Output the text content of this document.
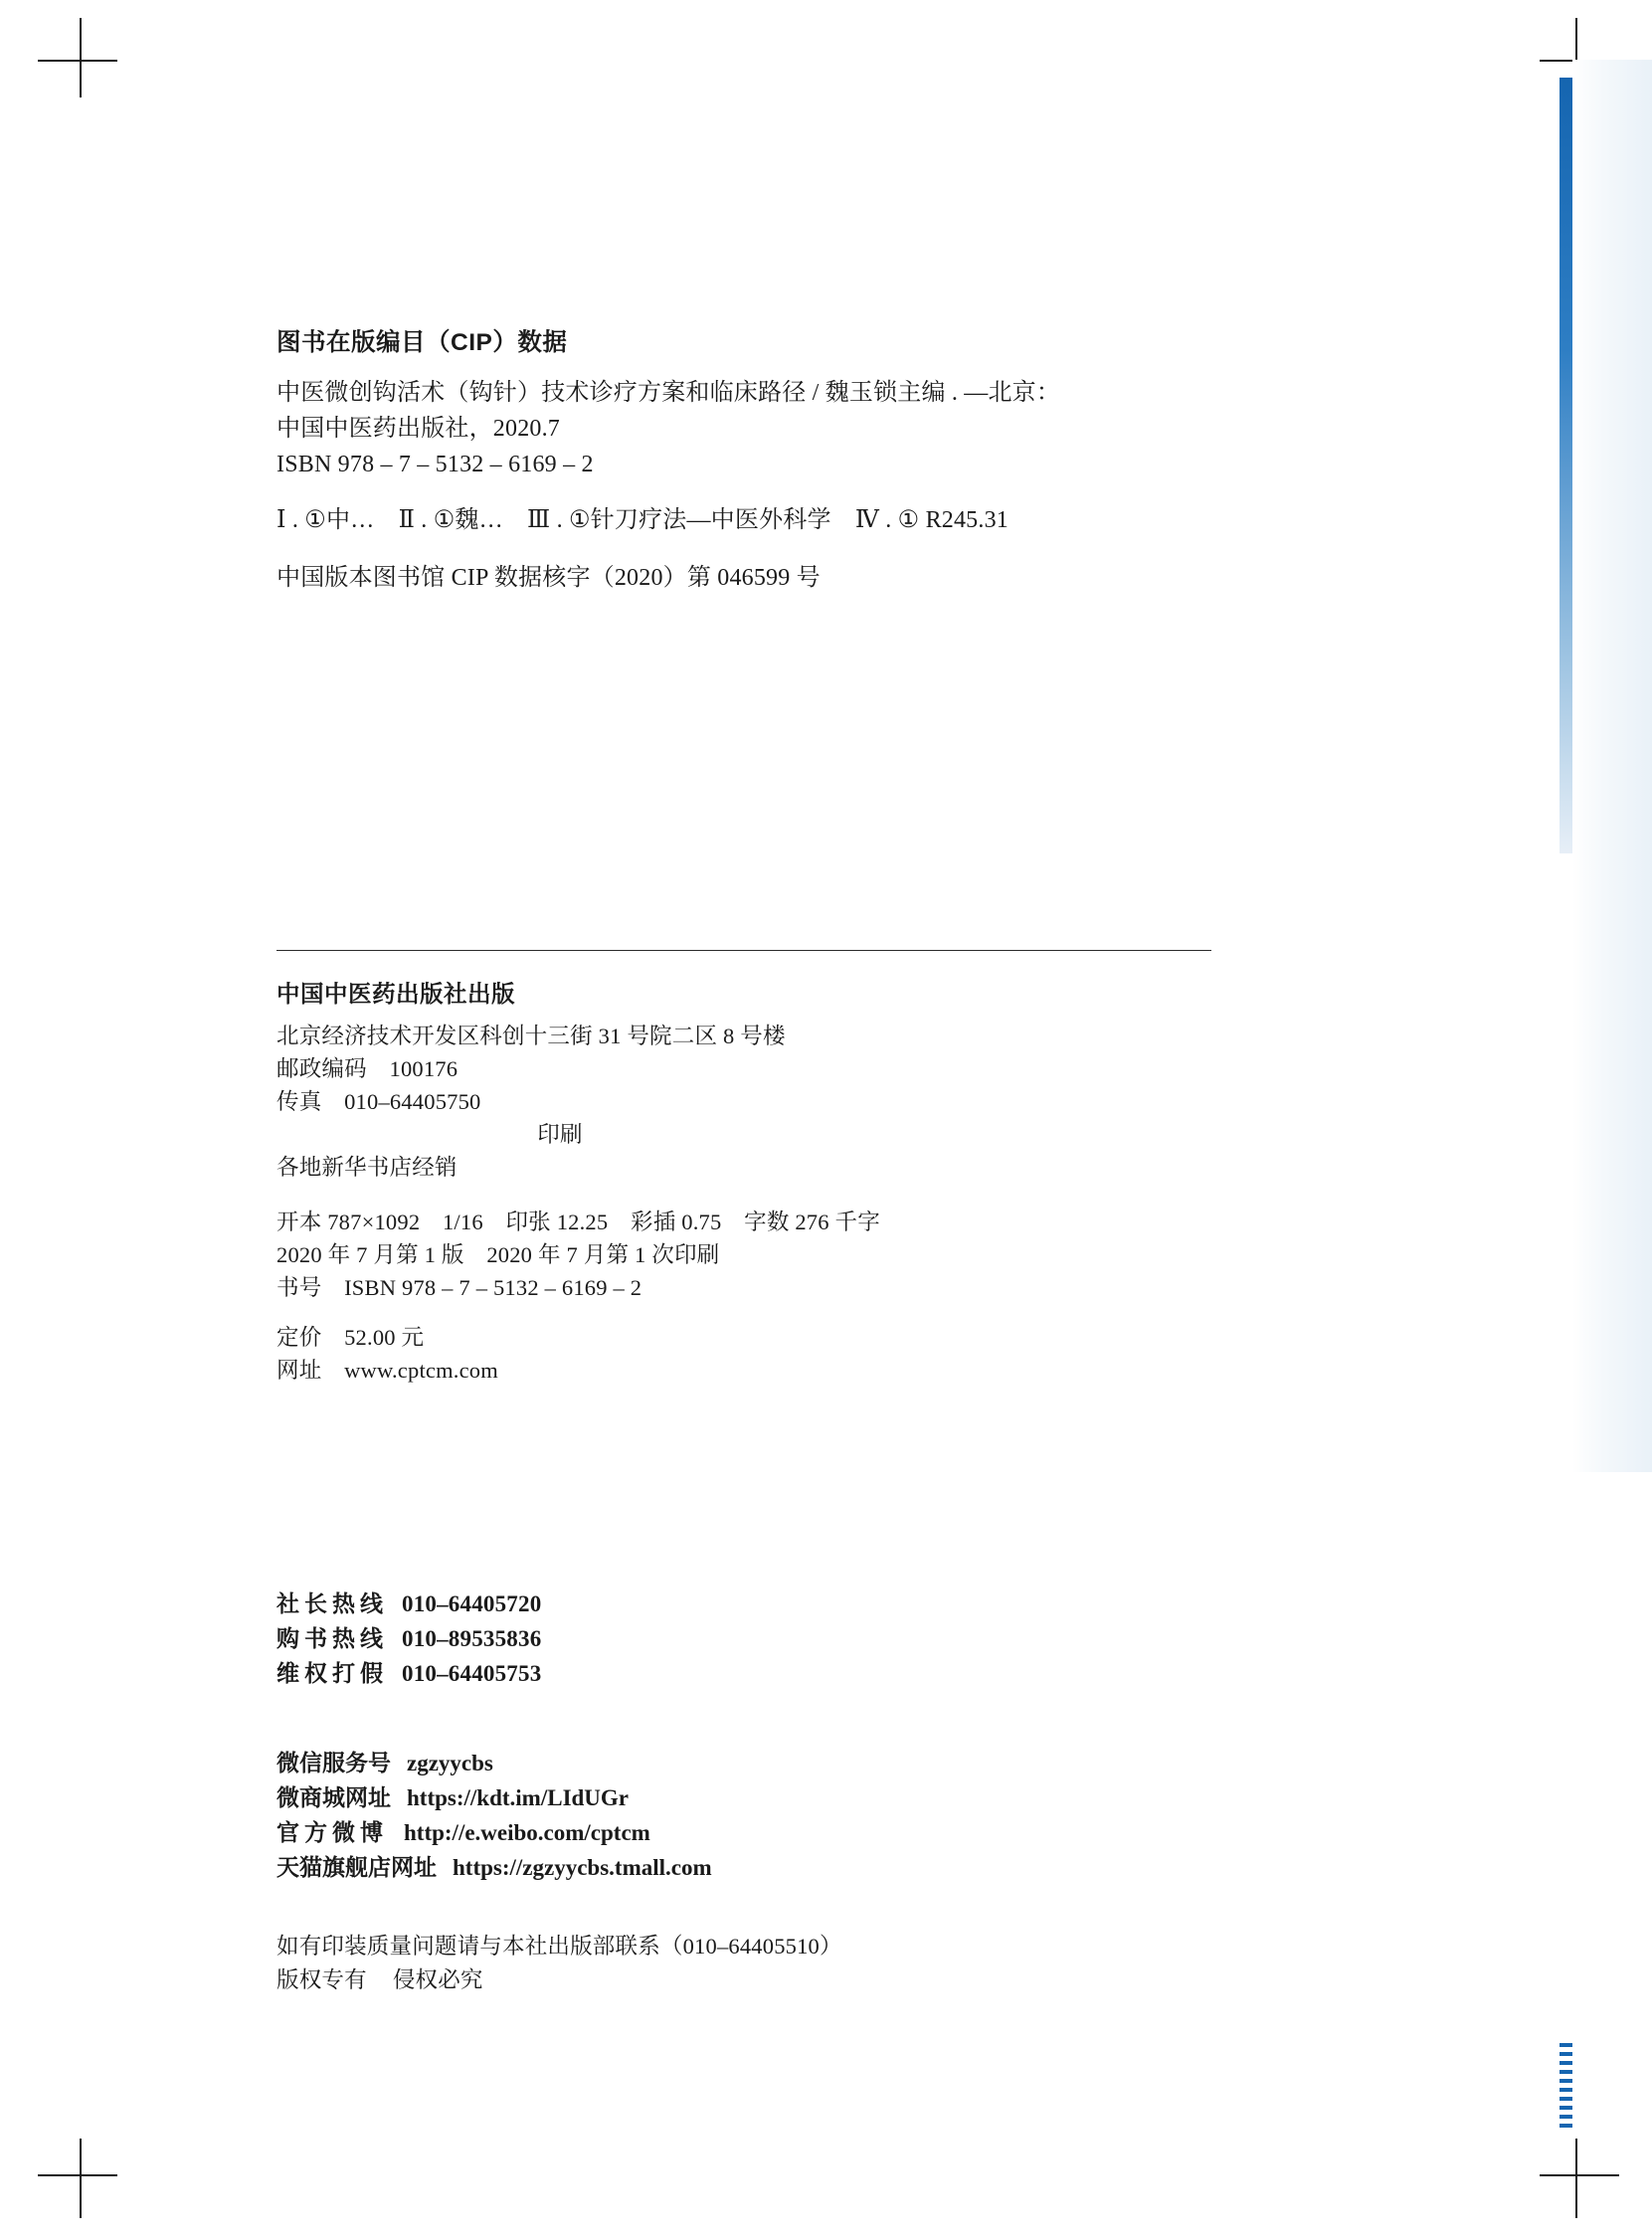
图书在版编目（CIP）数据
中医微创钩活术（钩针）技术诊疗方案和临床路径 / 魏玉锁主编 . —北京：
中国中医药出版社，2020.7
ISBN 978 – 7 – 5132 – 6169 – 2
Ⅰ . ①中…　Ⅱ . ①魏…　Ⅲ . ①针刀疗法—中医外科学　Ⅳ . ① R245.31
中国版本图书馆 CIP 数据核字（2020）第 046599 号
中国中医药出版社出版
北京经济技术开发区科创十三街 31 号院二区 8 号楼
邮政编码　100176
传真　010–64405750
印刷
各地新华书店经销
开本 787×1092　1/16　印张 12.25　彩插 0.75　字数 276 千字
2020 年 7 月第 1 版　2020 年 7 月第 1 次印刷
书号　ISBN 978 – 7 – 5132 – 6169 – 2
定价　52.00 元
网址　www.cptcm.com
社长热线 010–64405720
购书热线 010–89535836
维权打假 010–64405753
微信服务号 zgzyycbs
微商城网址 https://kdt.im/LIdUGr
官方微博 http://e.weibo.com/cptcm
天猫旗舰店网址 https://zgzyycbs.tmall.com
如有印装质量问题请与本社出版部联系（010–64405510）
版权专有 侵权必究
